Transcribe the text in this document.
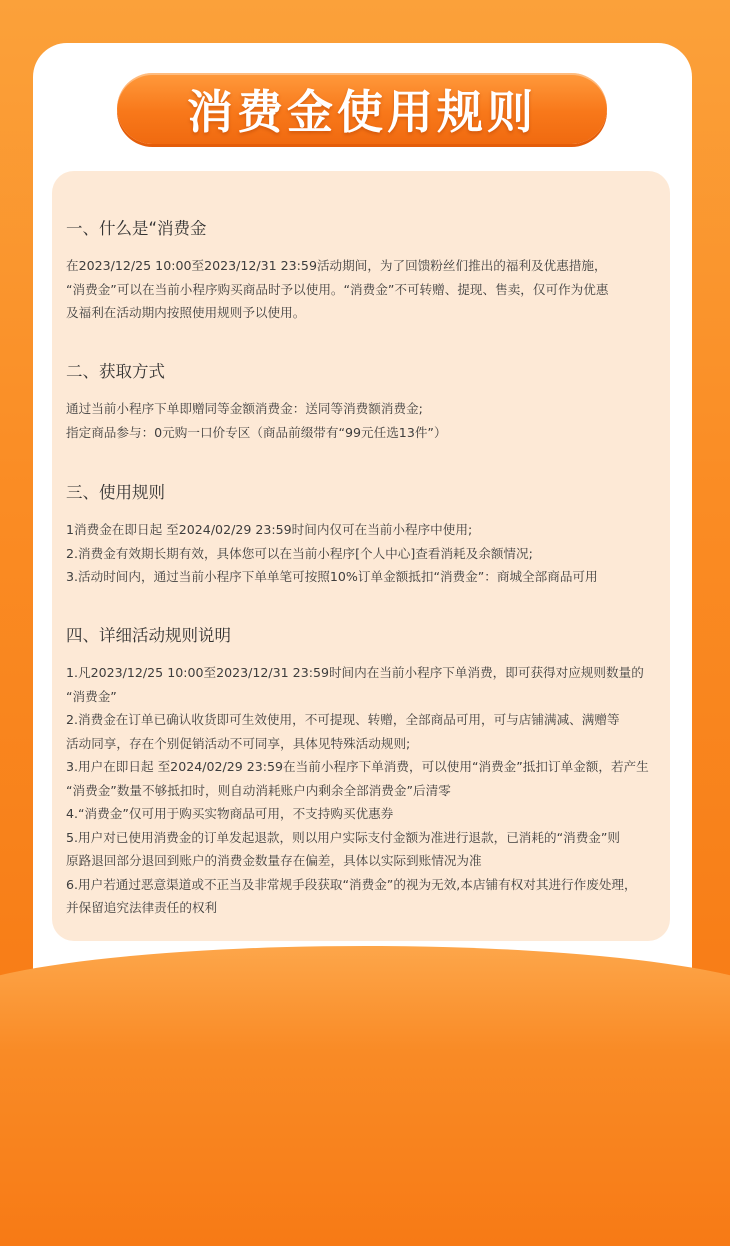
消费金使用规则
一、什么是“消费金
在2023/12/25 10:00至2023/12/31 23:59活动期间，为了回馈粉丝们推出的福利及优惠措施，
“消费金”可以在当前小程序购买商品时予以使用。“消费金”不可转赠、提现、售卖，仅可作为优惠
及福利在活动期内按照使用规则予以使用。
二、获取方式
通过当前小程序下单即赠同等金额消费金：送同等消费额消费金;
指定商品参与：0元购一口价专区（商品前缀带有“99元任选13件”）
三、使用规则
1消费金在即日起 至2024/02/29 23:59时间内仅可在当前小程序中使用;
2.消费金有效期长期有效，具体您可以在当前小程序[个人中心]查看消耗及余额情况;
3.活动时间内，通过当前小程序下单单笔可按照10%订单金额抵扣“消费金”：商城全部商品可用
四、详细活动规则说明
1.凡2023/12/25 10:00至2023/12/31 23:59时间内在当前小程序下单消费，即可获得对应规则数量的
“消费金”
2.消费金在订单已确认收货即可生效使用，不可提现、转赠，全部商品可用，可与店铺满减、满赠等
活动同享，存在个别促销活动不可同享，具体见特殊活动规则;
3.用户在即日起 至2024/02/29 23:59在当前小程序下单消费，可以使用“消费金”抵扣订单金额，若产生
“消费金”数量不够抵扣时，则自动消耗账户内剩余全部消费金”后清零
4.“消费金”仅可用于购买实物商品可用，不支持购买优惠券
5.用户对已使用消费金的订单发起退款，则以用户实际支付金额为准进行退款，已消耗的“消费金”则
原路退回部分退回到账户的消费金数量存在偏差，具体以实际到账情况为准
6.用户若通过恶意渠道或不正当及非常规手段获取“消费金”的视为无效,本店铺有权对其进行作废处理，
并保留追究法律责任的权利
